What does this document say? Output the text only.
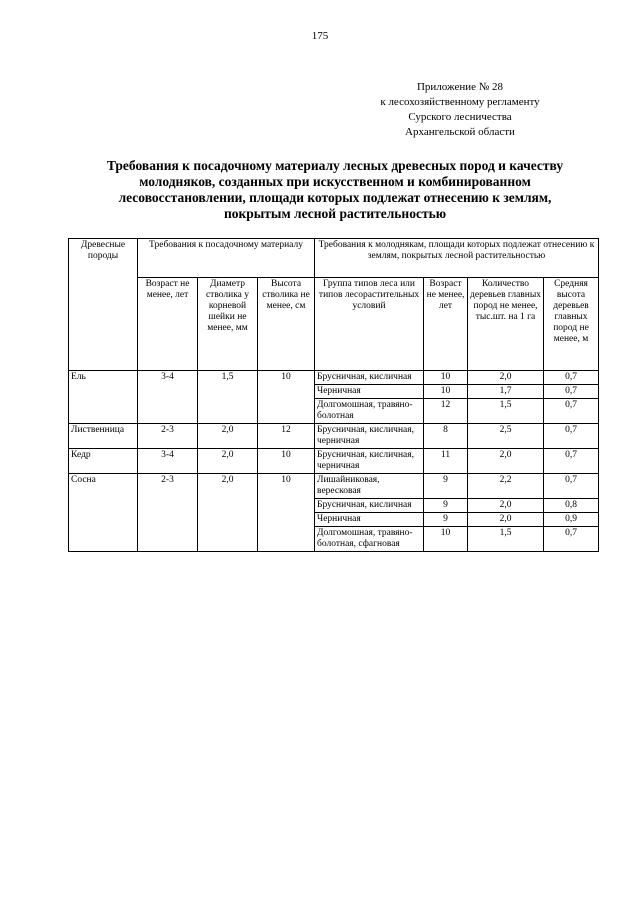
175
Приложение № 28
к лесохозяйственному регламенту
Сурского лесничества
Архангельской области
Требования к посадочному материалу лесных древесных пород и качеству
молодняков, созданных при искусственном и комбинированном
лесовосстановлении, площади которых подлежат отнесению к землям,
покрытым лесной растительностью
Древесные породы	Требования к посадочному материалу			Требования к молоднякам, площади которых подлежат отнесению к землям, покрытых лесной растительностью			
	Возраст не менее, лет	Диаметр стволика у корневой шейки не менее, мм	Высота стволика не менее, см	Группа типов леса или типов лесорастительных условий	Возраст не менее, лет	Количество деревьев главных пород не менее, тыс.шт. на 1 га	Средняя высота деревьев главных пород не менее, м
Ель	3-4	1,5	10	Брусничная, кисличная	10	2,0	0,7
				Черничная	10	1,7	0,7
				Долгомошная, травяно-болотная	12	1,5	0,7
Лиственница	2-3	2,0	12	Брусничная, кисличная, черничная	8	2,5	0,7
Кедр	3-4	2,0	10	Брусничная, кисличная, черничная	11	2,0	0,7
Сосна	2-3	2,0	10	Лишайниковая, вересковая	9	2,2	0,7
				Брусничная, кисличная	9	2,0	0,8
				Черничная	9	2,0	0,9
				Долгомошная, травяно-болотная, сфагновая	10	1,5	0,7
